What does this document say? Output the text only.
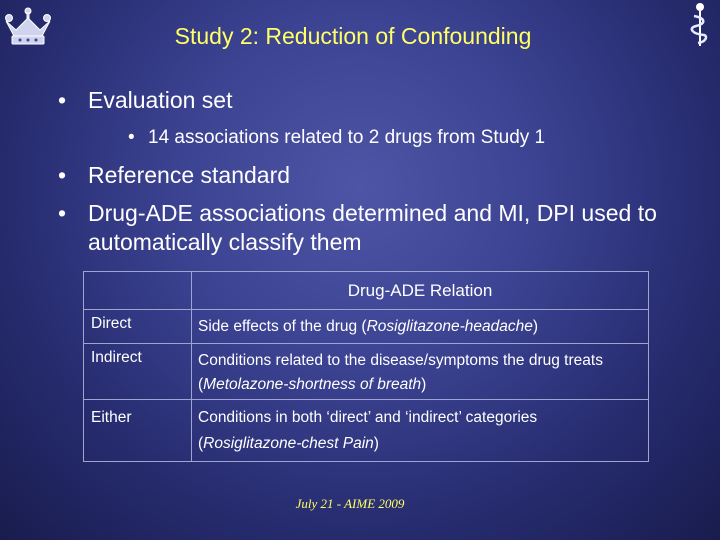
Study 2: Reduction of Confounding
• Evaluation set
• 14 associations related to 2 drugs from Study 1
• Reference standard
• Drug-ADE associations determined and MI, DPI used to automatically classify them
	Drug-ADE Relation
Direct	Side effects of the drug (Rosiglitazone-headache)
Indirect	Conditions related to the disease/symptoms the drug treats (Metolazone-shortness of breath)
Either	Conditions in both ‘direct’ and ‘indirect’ categories (Rosiglitazone-chest Pain)
July 21 - AIME 2009
